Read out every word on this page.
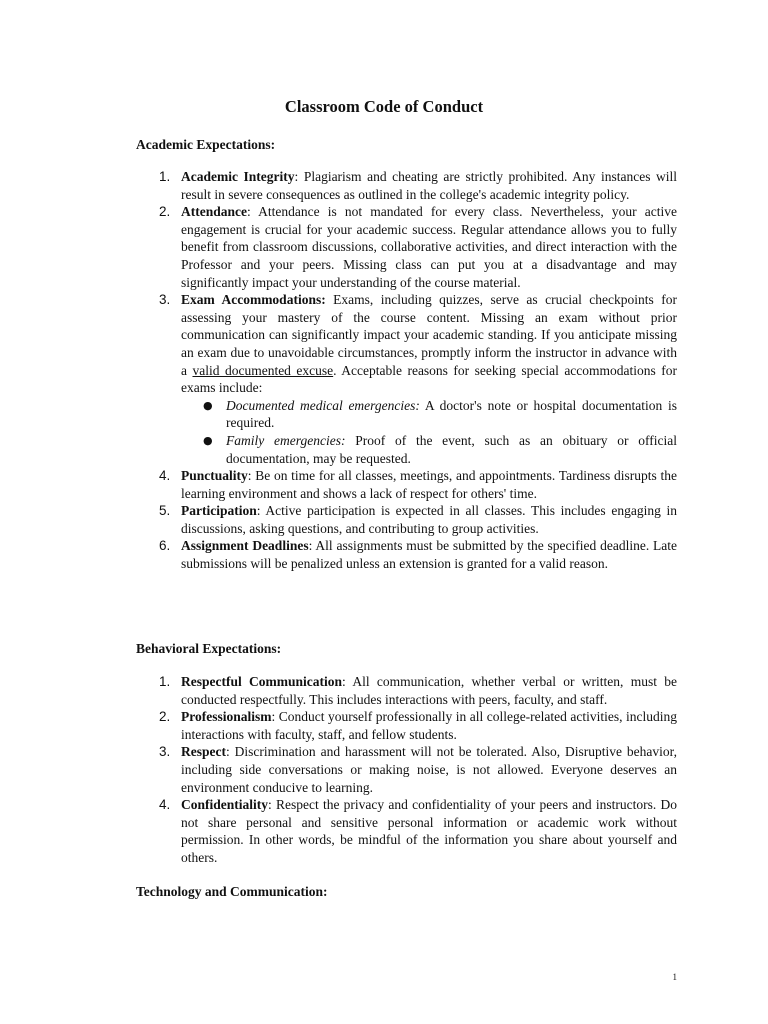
Classroom Code of Conduct
Academic Expectations:
1. Academic Integrity: Plagiarism and cheating are strictly prohibited. Any instances will result in severe consequences as outlined in the college's academic integrity policy.
2. Attendance: Attendance is not mandated for every class. Nevertheless, your active engagement is crucial for your academic success. Regular attendance allows you to fully benefit from classroom discussions, collaborative activities, and direct interaction with the Professor and your peers. Missing class can put you at a disadvantage and may significantly impact your understanding of the course material.
3. Exam Accommodations: Exams, including quizzes, serve as crucial checkpoints for assessing your mastery of the course content. Missing an exam without prior communication can significantly impact your academic standing. If you anticipate missing an exam due to unavoidable circumstances, promptly inform the instructor in advance with a valid documented excuse. Acceptable reasons for seeking special accommodations for exams include:
● Documented medical emergencies: A doctor's note or hospital documentation is required.
● Family emergencies: Proof of the event, such as an obituary or official documentation, may be requested.
4. Punctuality: Be on time for all classes, meetings, and appointments. Tardiness disrupts the learning environment and shows a lack of respect for others' time.
5. Participation: Active participation is expected in all classes. This includes engaging in discussions, asking questions, and contributing to group activities.
6. Assignment Deadlines: All assignments must be submitted by the specified deadline. Late submissions will be penalized unless an extension is granted for a valid reason.
Behavioral Expectations:
1. Respectful Communication: All communication, whether verbal or written, must be conducted respectfully. This includes interactions with peers, faculty, and staff.
2. Professionalism: Conduct yourself professionally in all college-related activities, including interactions with faculty, staff, and fellow students.
3. Respect: Discrimination and harassment will not be tolerated. Also, Disruptive behavior, including side conversations or making noise, is not allowed. Everyone deserves an environment conducive to learning.
4. Confidentiality: Respect the privacy and confidentiality of your peers and instructors. Do not share personal and sensitive personal information or academic work without permission. In other words, be mindful of the information you share about yourself and others.
Technology and Communication:

1
